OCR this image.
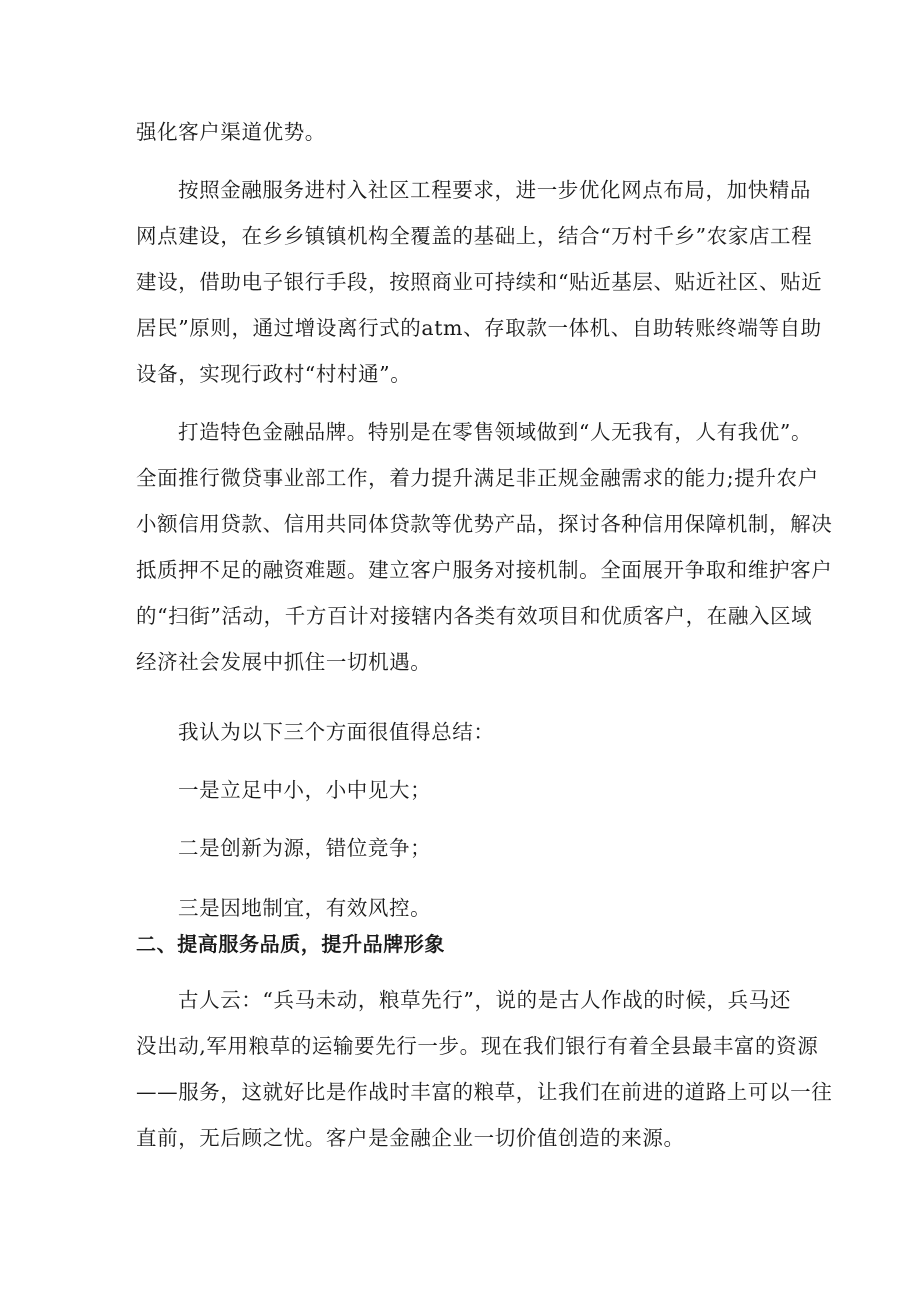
强化客户渠道优势。
按照金融服务进村入社区工程要求，进一步优化网点布局，加快精品
网点建设，在乡乡镇镇机构全覆盖的基础上，结合“万村千乡”农家店工程
建设，借助电子银行手段，按照商业可持续和“贴近基层、贴近社区、贴近
居民”原则，通过增设离行式的atm、存取款一体机、自助转账终端等自助
设备，实现行政村“村村通”。
打造特色金融品牌。特别是在零售领域做到“人无我有，人有我优”。
全面推行微贷事业部工作，着力提升满足非正规金融需求的能力;提升农户
小额信用贷款、信用共同体贷款等优势产品，探讨各种信用保障机制，解决
抵质押不足的融资难题。建立客户服务对接机制。全面展开争取和维护客户
的“扫街”活动，千方百计对接辖内各类有效项目和优质客户，在融入区域
经济社会发展中抓住一切机遇。
我认为以下三个方面很值得总结：
一是立足中小，小中见大；
二是创新为源，错位竞争；
三是因地制宜，有效风控。
二、提高服务品质，提升品牌形象
古人云：“兵马未动，粮草先行”，说的是古人作战的时候，兵马还
没出动,军用粮草的运输要先行一步。现在我们银行有着全县最丰富的资源
——服务，这就好比是作战时丰富的粮草，让我们在前进的道路上可以一往
直前，无后顾之忧。客户是金融企业一切价值创造的来源。
